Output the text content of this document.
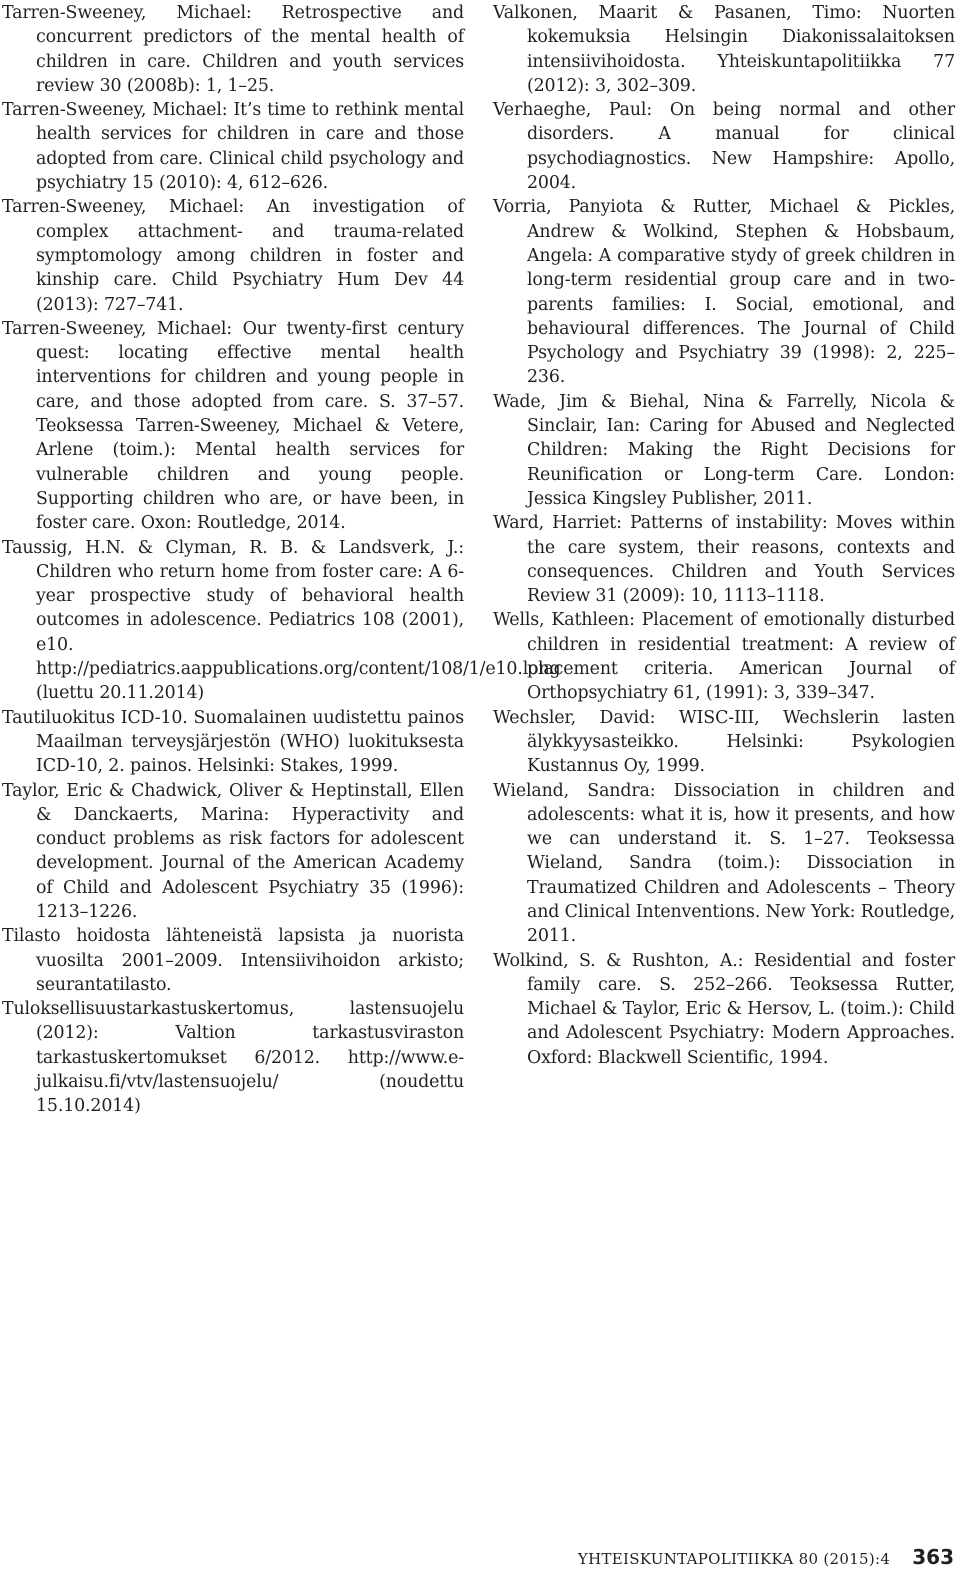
Tarren-Sweeney, Michael: Retrospective and concurrent predictors of the mental health of children in care. Children and youth services review 30 (2008b): 1, 1–25.

Tarren-Sweeney, Michael: It’s time to rethink mental health services for children in care and those adopted from care. Clinical child psychology and psychiatry 15 (2010): 4, 612–626.

Tarren-Sweeney, Michael: An investigation of complex attachment- and trauma-related symptomology among children in foster and kinship care. Child Psychiatry Hum Dev 44 (2013): 727–741.

Tarren-Sweeney, Michael: Our twenty-first century quest: locating effective mental health interventions for children and young people in care, and those adopted from care. S. 37–57. Teoksessa Tarren-Sweeney, Michael & Vetere, Arlene (toim.): Mental health services for vulnerable children and young people. Supporting children who are, or have been, in foster care. Oxon: Routledge, 2014.

Taussig, H.N. & Clyman, R. B. & Landsverk, J.: Children who return home from foster care: A 6-year prospective study of behavioral health outcomes in adolescence. Pediatrics 108 (2001), e10. http://pediatrics.aappublications.org/content/108/1/e10.long (luettu 20.11.2014)

Tautiluokitus ICD-10. Suomalainen uudistettu painos Maailman terveysjärjestön (WHO) luokituksesta ICD-10, 2. painos. Helsinki: Stakes, 1999.

Taylor, Eric & Chadwick, Oliver & Heptinstall, Ellen & Danckaerts, Marina: Hyperactivity and conduct problems as risk factors for adolescent development. Journal of the American Academy of Child and Adolescent Psychiatry 35 (1996): 1213–1226.

Tilasto hoidosta lähteneistä lapsista ja nuorista vuosilta 2001–2009. Intensiivihoidon arkisto; seurantatilasto.

Tuloksellisuustarkastuskertomus, lastensuojelu (2012): Valtion tarkastusviraston tarkastuskertomukset 6/2012. http://www.e-julkaisu.fi/vtv/lastensuojelu/ (noudettu 15.10.2014)

Valkonen, Maarit & Pasanen, Timo: Nuorten kokemuksia Helsingin Diakonissalaitoksen intensiivihoidosta. Yhteiskuntapolitiikka 77 (2012): 3, 302–309.

Verhaeghe, Paul: On being normal and other disorders. A manual for clinical psychodiagnostics. New Hampshire: Apollo, 2004.

Vorria, Panyiota & Rutter, Michael & Pickles, Andrew & Wolkind, Stephen & Hobsbaum, Angela: A comparative stydy of greek children in long-term residential group care and in two-parents families: I. Social, emotional, and behavioural differences. The Journal of Child Psychology and Psychiatry 39 (1998): 2, 225–236.

Wade, Jim & Biehal, Nina & Farrelly, Nicola & Sinclair, Ian: Caring for Abused and Neglected Children: Making the Right Decisions for Reunification or Long-term Care. London: Jessica Kingsley Publisher, 2011.

Ward, Harriet: Patterns of instability: Moves within the care system, their reasons, contexts and consequences. Children and Youth Services Review 31 (2009): 10, 1113–1118.

Wells, Kathleen: Placement of emotionally disturbed children in residential treatment: A review of placement criteria. American Journal of Orthopsychiatry 61, (1991): 3, 339–347.

Wechsler, David: WISC-III, Wechslerin lasten älykkyysasteikko. Helsinki: Psykologien Kustannus Oy, 1999.

Wieland, Sandra: Dissociation in children and adolescents: what it is, how it presents, and how we can understand it. S. 1–27. Teoksessa Wieland, Sandra (toim.): Dissociation in Traumatized Children and Adolescents – Theory and Clinical Intenventions. New York: Routledge, 2011.

Wolkind, S. & Rushton, A.: Residential and foster family care. S. 252–266. Teoksessa Rutter, Michael & Taylor, Eric & Hersov, L. (toim.): Child and Adolescent Psychiatry: Modern Approaches. Oxford: Blackwell Scientific, 1994.

YHTEISKUNTAPOLITIIKKA 80 (2015):4 363
